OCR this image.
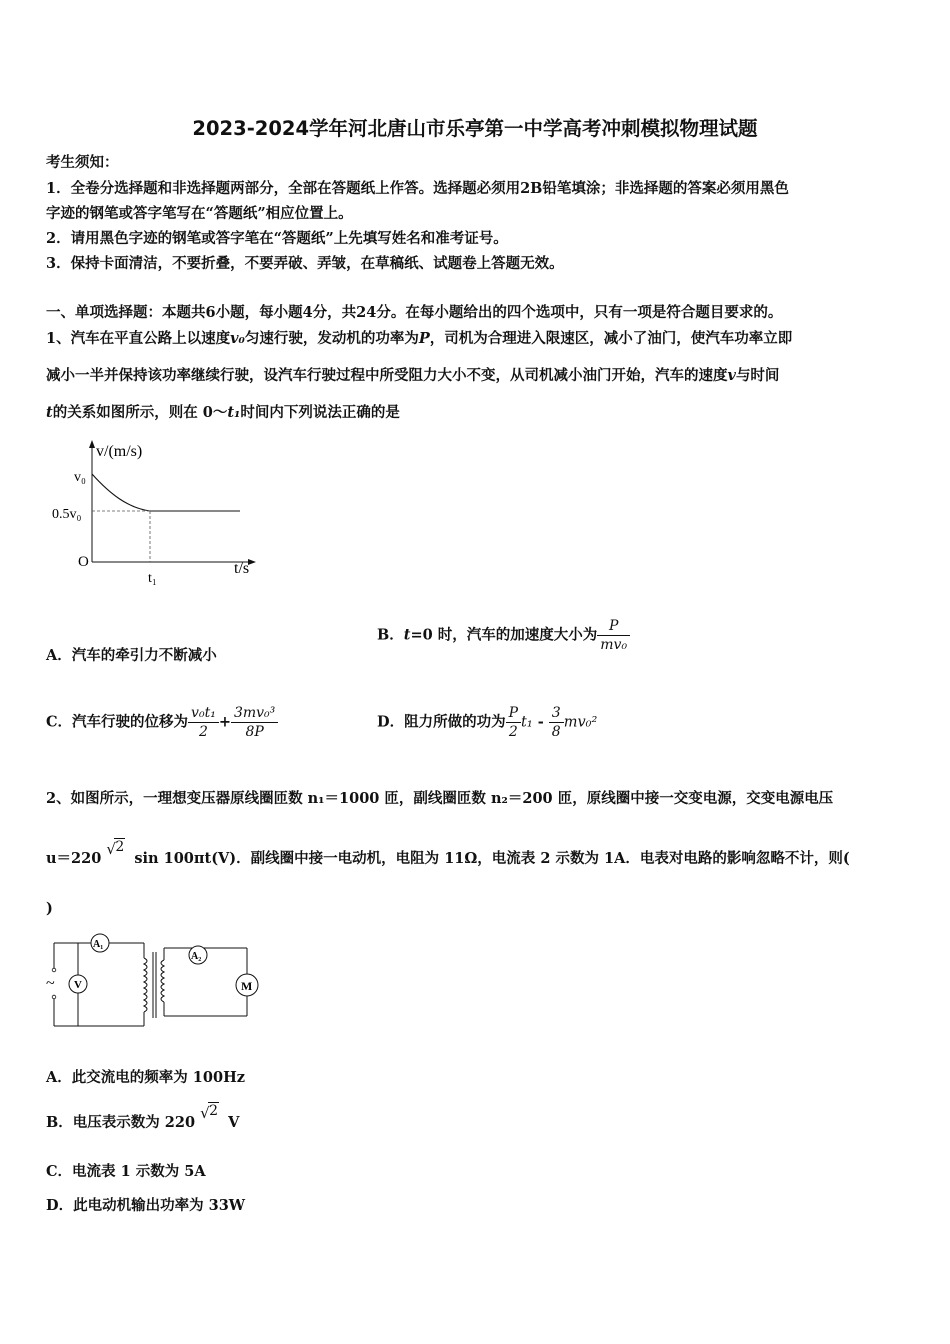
2023-2024学年河北唐山市乐亭第一中学高考冲刺模拟物理试题
考生须知：
1．全卷分选择题和非选择题两部分，全部在答题纸上作答。选择题必须用2B铅笔填涂；非选择题的答案必须用黑色
字迹的钢笔或答字笔写在“答题纸”相应位置上。
2．请用黑色字迹的钢笔或答字笔在“答题纸”上先填写姓名和准考证号。
3．保持卡面清洁，不要折叠，不要弄破、弄皱，在草稿纸、试题卷上答题无效。
一、单项选择题：本题共6小题，每小题4分，共24分。在每小题给出的四个选项中，只有一项是符合题目要求的。
1、汽车在平直公路上以速度v₀匀速行驶，发动机的功率为P，司机为合理进入限速区，减小了油门，使汽车功率立即
减小一半并保持该功率继续行驶，设汽车行驶过程中所受阻力大小不变，从司机减小油门开始，汽车的速度v与时间
t的关系如图所示，则在 0～t₁时间内下列说法正确的是
v/(m/s)
v₀
0.5v₀
O
t₁
t/s
A．汽车的牵引力不断减小
B．t=0 时，汽车的加速度大小为 $\frac{P}{\text{mv₀}}$
C．汽车行驶的位移为 $\frac{\text{v₀t₁}}{2} + \frac{\text{3mv₀³}}{8P}$	D．阻力所做的功为 $\frac{P}{2} t_1 - \frac{3}{8} mv_0^2$
2、如图所示，一理想变压器原线圈匝数 n₁＝1000 匝，副线圈匝数 n₂＝200 匝，原线圈中接一交变电源，交变电源电压
u＝220
√ 2 sin 100πt(V)．副线圈中接一电动机，电阻为 11Ω，电流表 2 示数为 1A．电表对电路的影响忽略不计，则(
)
A₁
V
~
A₂
M
A．此交流电的频率为 100Hz
B．电压表示数为 220
√ 2 V
C．电流表 1 示数为 5A
D．此电动机输出功率为 33W
